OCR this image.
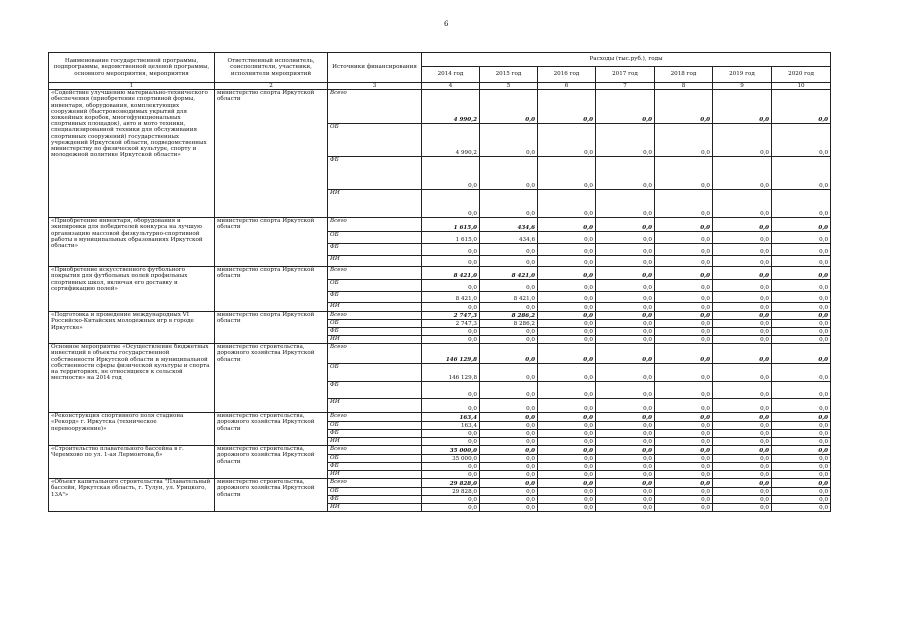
6
Наименование государственной программы, подпрограммы, ведомственной целевой программы, основного мероприятия, мероприятия	Ответственный исполнитель, соисполнители, участники, исполнители мероприятий	Источники финансирования	Расходы (тыс.руб.), годы						
			2014 год	2015 год	2016 год	2017 год	2018 год	2019 год	2020 год
1	2	3	4	5	6	7	8	9	10
«Содействие улучшению материально-технического обеспечения (приобретение спортивной формы, инвентаря, оборудования, комплектующих сооружений (быстровозводимых укрытий для хоккейных коробок, многофункциональных спортивных площадок), авто и мото техники, специализированной техники для обслуживания спортивных сооружений) государственных учреждений Иркутской области, подведомственных министерству по физической культуре, спорту и молодежной политике Иркутской области»	министерство спорта Иркутской области	Всего	4 990,2	0,0	0,0	0,0	0,0	0,0	0,0
		ОБ	4 990,2	0,0	0,0	0,0	0,0	0,0	0,0
		ФБ	0,0	0,0	0,0	0,0	0,0	0,0	0,0
		ИИ	0,0	0,0	0,0	0,0	0,0	0,0	0,0
«Приобретение инвентаря, оборудования и экипировки для победителей конкурса на лучшую организацию массовой физкультурно-спортивной работы в муниципальных образованиях Иркутской области»	министерство спорта Иркутской области	Всего	1 615,0	434,6	0,0	0,0	0,0	0,0	0,0
		ОБ	1 615,0	434,6	0,0	0,0	0,0	0,0	0,0
		ФБ	0,0	0,0	0,0	0,0	0,0	0,0	0,0
		ИИ	0,0	0,0	0,0	0,0	0,0	0,0	0,0
«Приобретение искусственного футбольного покрытия для футбольных полей профильных спортивных школ, включая его доставку и сертификацию полей»	министерство спорта Иркутской области	Всего	8 421,0	8 421,0	0,0	0,0	0,0	0,0	0,0
		ОБ	0,0	0,0	0,0	0,0	0,0	0,0	0,0
		ФБ	8 421,0	8 421,0	0,0	0,0	0,0	0,0	0,0
		ИИ	0,0	0,0	0,0	0,0	0,0	0,0	0,0
«Подготовка и проведение международных VI Российско-Китайских молодежных игр в городе Иркутске»	министерство спорта Иркутской области	Всего	2 747,3	8 286,2	0,0	0,0	0,0	0,0	0,0
		ОБ	2 747,3	8 286,2	0,0	0,0	0,0	0,0	0,0
		ФБ	0,0	0,0	0,0	0,0	0,0	0,0	0,0
		ИИ	0,0	0,0	0,0	0,0	0,0	0,0	0,0
Основное мероприятие «Осуществление бюджетных инвестиций в объекты государственной собственности Иркутской области и муниципальной собственности сферы физической культуры и спорта на территориях, не относящихся к сельской местности» на 2014 год	министерство строительства, дорожного хозяйства Иркутской области	Всего	146 129,8	0,0	0,0	0,0	0,0	0,0	0,0
		ОБ	146 129,8	0,0	0,0	0,0	0,0	0,0	0,0
		ФБ	0,0	0,0	0,0	0,0	0,0	0,0	0,0
		ИИ	0,0	0,0	0,0	0,0	0,0	0,0	0,0
«Реконструкция спортивного поля стадиона «Рекорд» г. Иркутска (техническое перевооружение)»	министерство строительства, дорожного хозяйства Иркутской области	Всего	163,4	0,0	0,0	0,0	0,0	0,0	0,0
		ОБ	163,4	0,0	0,0	0,0	0,0	0,0	0,0
		ФБ	0,0	0,0	0,0	0,0	0,0	0,0	0,0
		ИИ	0,0	0,0	0,0	0,0	0,0	0,0	0,0
«Строительство плавательного бассейна в г. Черемхово по ул. 1-ая Лермонтова,б»	министерство строительства, дорожного хозяйства Иркутской области	Всего	35 000,0	0,0	0,0	0,0	0,0	0,0	0,0
		ОБ	35 000,0	0,0	0,0	0,0	0,0	0,0	0,0
		ФБ	0,0	0,0	0,0	0,0	0,0	0,0	0,0
		ИИ	0,0	0,0	0,0	0,0	0,0	0,0	0,0
«Объект капитального строительства "Плавательный бассейн, Иркутская область, г. Тулун, ул. Урицкого, 13А"»	министерство строительства, дорожного хозяйства Иркутской области	Всего	29 828,0	0,0	0,0	0,0	0,0	0,0	0,0
		ОБ	29 828,0	0,0	0,0	0,0	0,0	0,0	0,0
		ФБ	0,0	0,0	0,0	0,0	0,0	0,0	0,0
		ИИ	0,0	0,0	0,0	0,0	0,0	0,0	0,0
